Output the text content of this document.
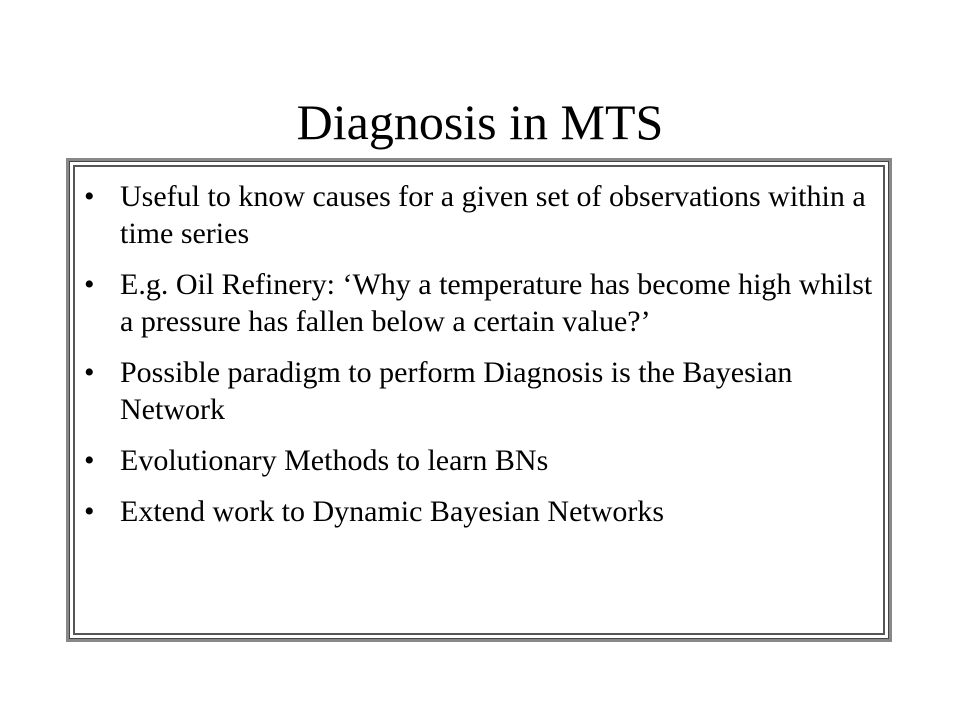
Diagnosis in MTS
• Useful to know causes for a given set of observations within a time series
• E.g. Oil Refinery: ‘Why a temperature has become high whilst a pressure has fallen below a certain value?’
• Possible paradigm to perform Diagnosis is the Bayesian Network
• Evolutionary Methods to learn BNs
• Extend work to Dynamic Bayesian Networks
